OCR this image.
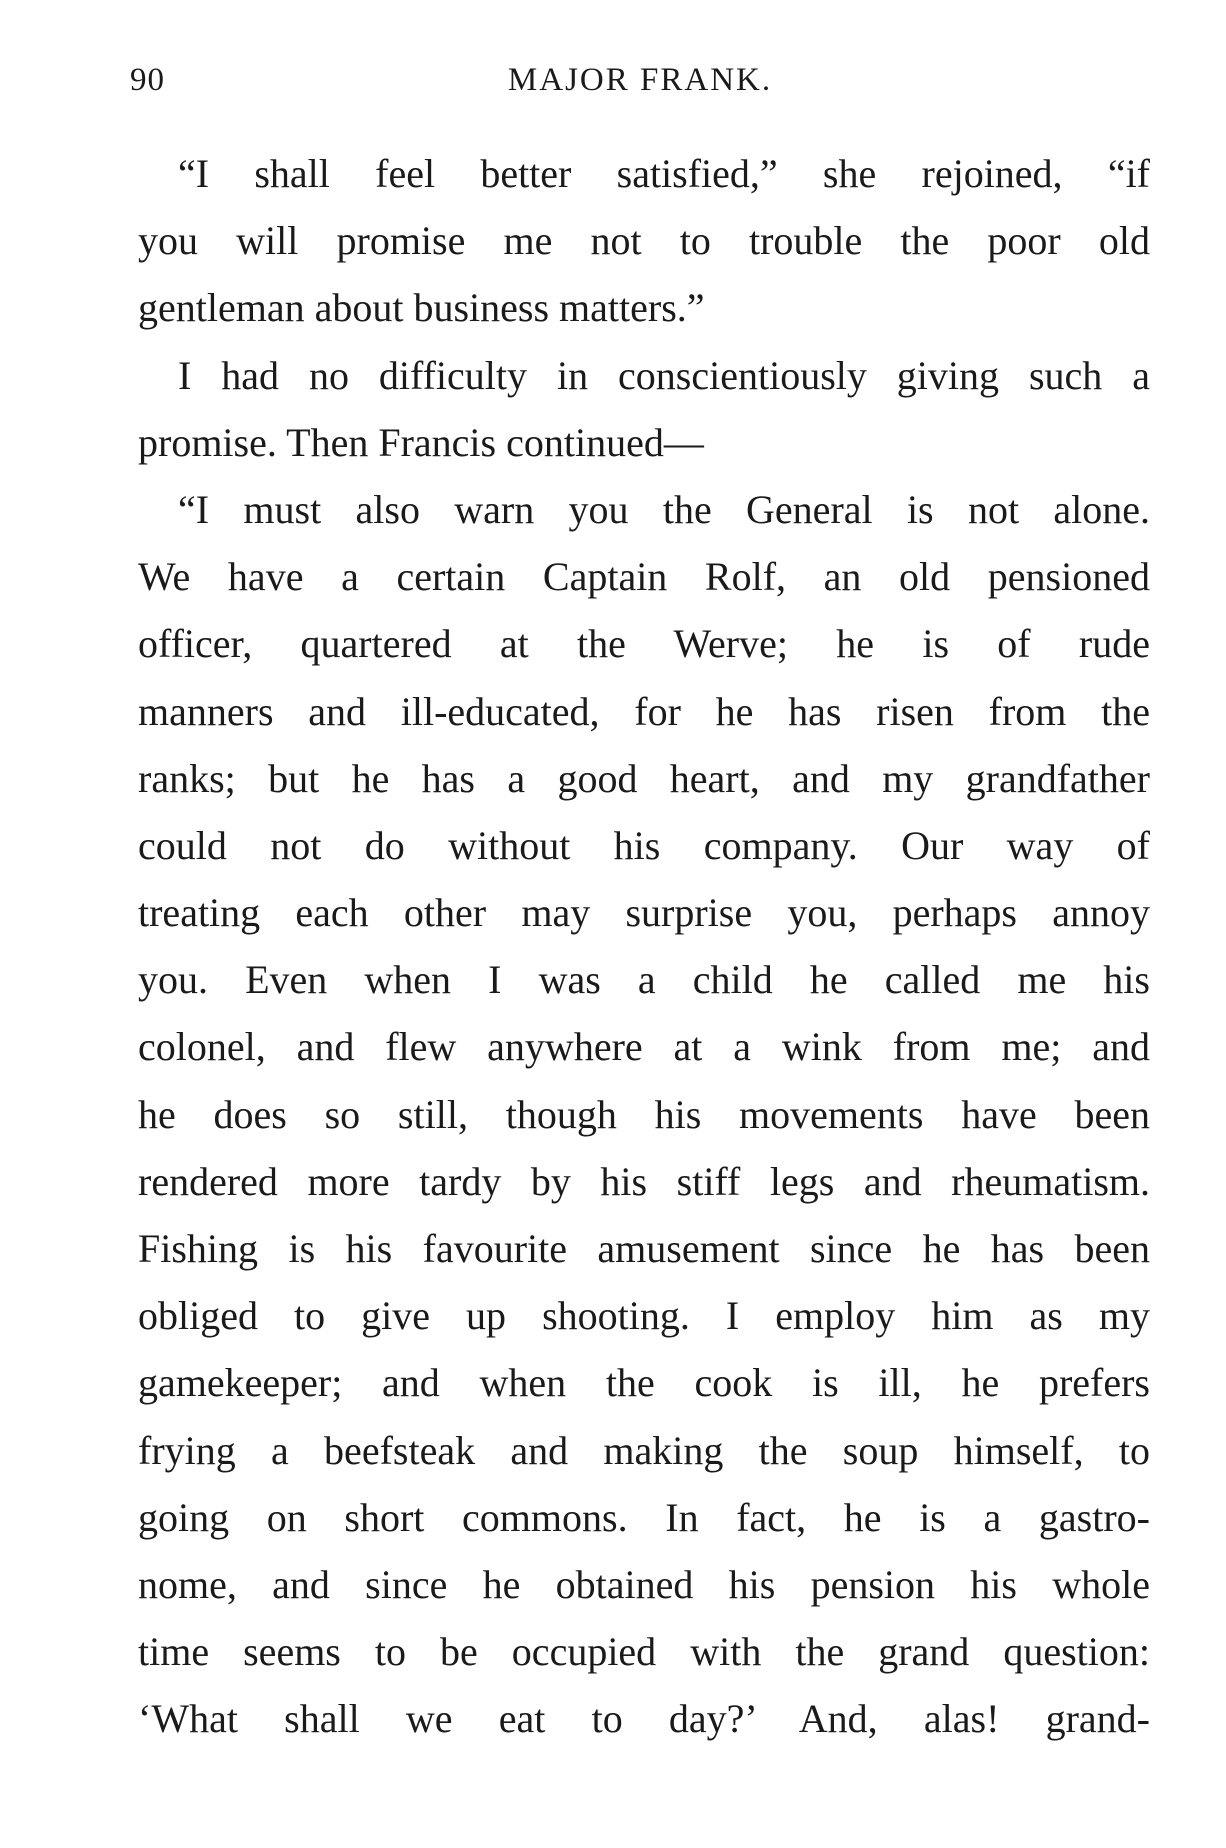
90	MAJOR FRANK.
“I shall feel better satisfied,” she rejoined, “if
you will promise me not to trouble the poor old
gentleman about business matters.”
I had no difficulty in conscientiously giving such a
promise. Then Francis continued—
“I must also warn you the General is not alone.
We have a certain Captain Rolf, an old pensioned
officer, quartered at the Werve; he is of rude
manners and ill-educated, for he has risen from the
ranks; but he has a good heart, and my grandfather
could not do without his company. Our way of
treating each other may surprise you, perhaps annoy
you. Even when I was a child he called me his
colonel, and flew anywhere at a wink from me; and
he does so still, though his movements have been
rendered more tardy by his stiff legs and rheumatism.
Fishing is his favourite amusement since he has been
obliged to give up shooting. I employ him as my
gamekeeper; and when the cook is ill, he prefers
frying a beefsteak and making the soup himself, to
going on short commons. In fact, he is a gastro-
nome, and since he obtained his pension his whole
time seems to be occupied with the grand question:
‘What shall we eat to day?’ And, alas! grand-
